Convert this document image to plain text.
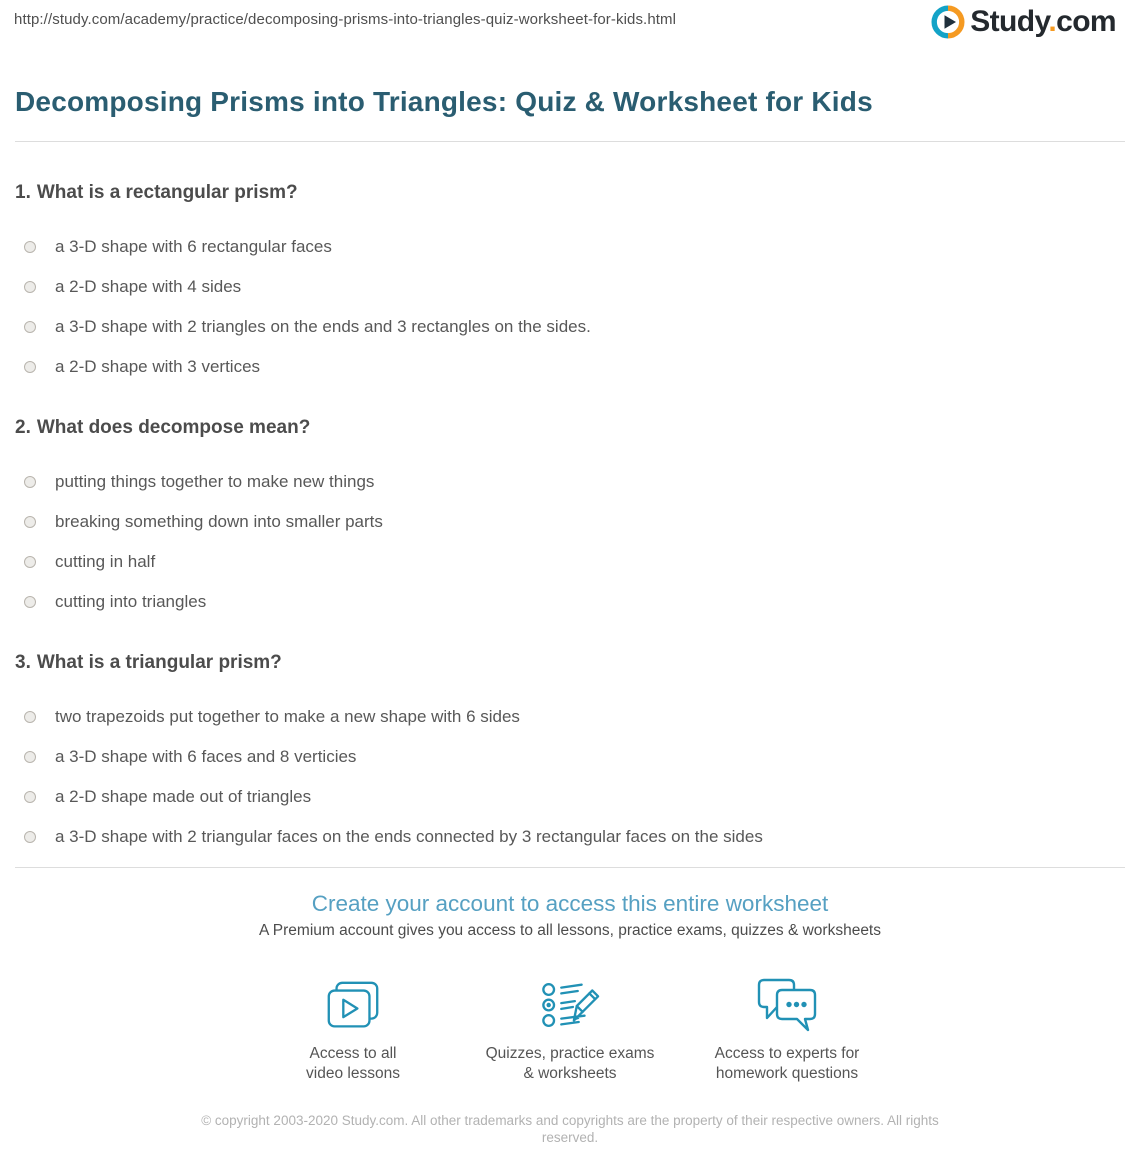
http://study.com/academy/practice/decomposing-prisms-into-triangles-quiz-worksheet-for-kids.html	Study.com
Decomposing Prisms into Triangles: Quiz & Worksheet for Kids
1. What is a rectangular prism?
a 3-D shape with 6 rectangular faces
a 2-D shape with 4 sides
a 3-D shape with 2 triangles on the ends and 3 rectangles on the sides.
a 2-D shape with 3 vertices
2. What does decompose mean?
putting things together to make new things
breaking something down into smaller parts
cutting in half
cutting into triangles
3. What is a triangular prism?
two trapezoids put together to make a new shape with 6 sides
a 3-D shape with 6 faces and 8 verticies
a 2-D shape made out of triangles
a 3-D shape with 2 triangular faces on the ends connected by 3 rectangular faces on the sides
Create your account to access this entire worksheet

A Premium account gives you access to all lessons, practice exams, quizzes & worksheets

Access to all
video lessons
Quizzes, practice exams
& worksheets
Access to experts for
homework questions
© copyright 2003-2020 Study.com. All other trademarks and copyrights are the property of their respective owners. All rights reserved.
